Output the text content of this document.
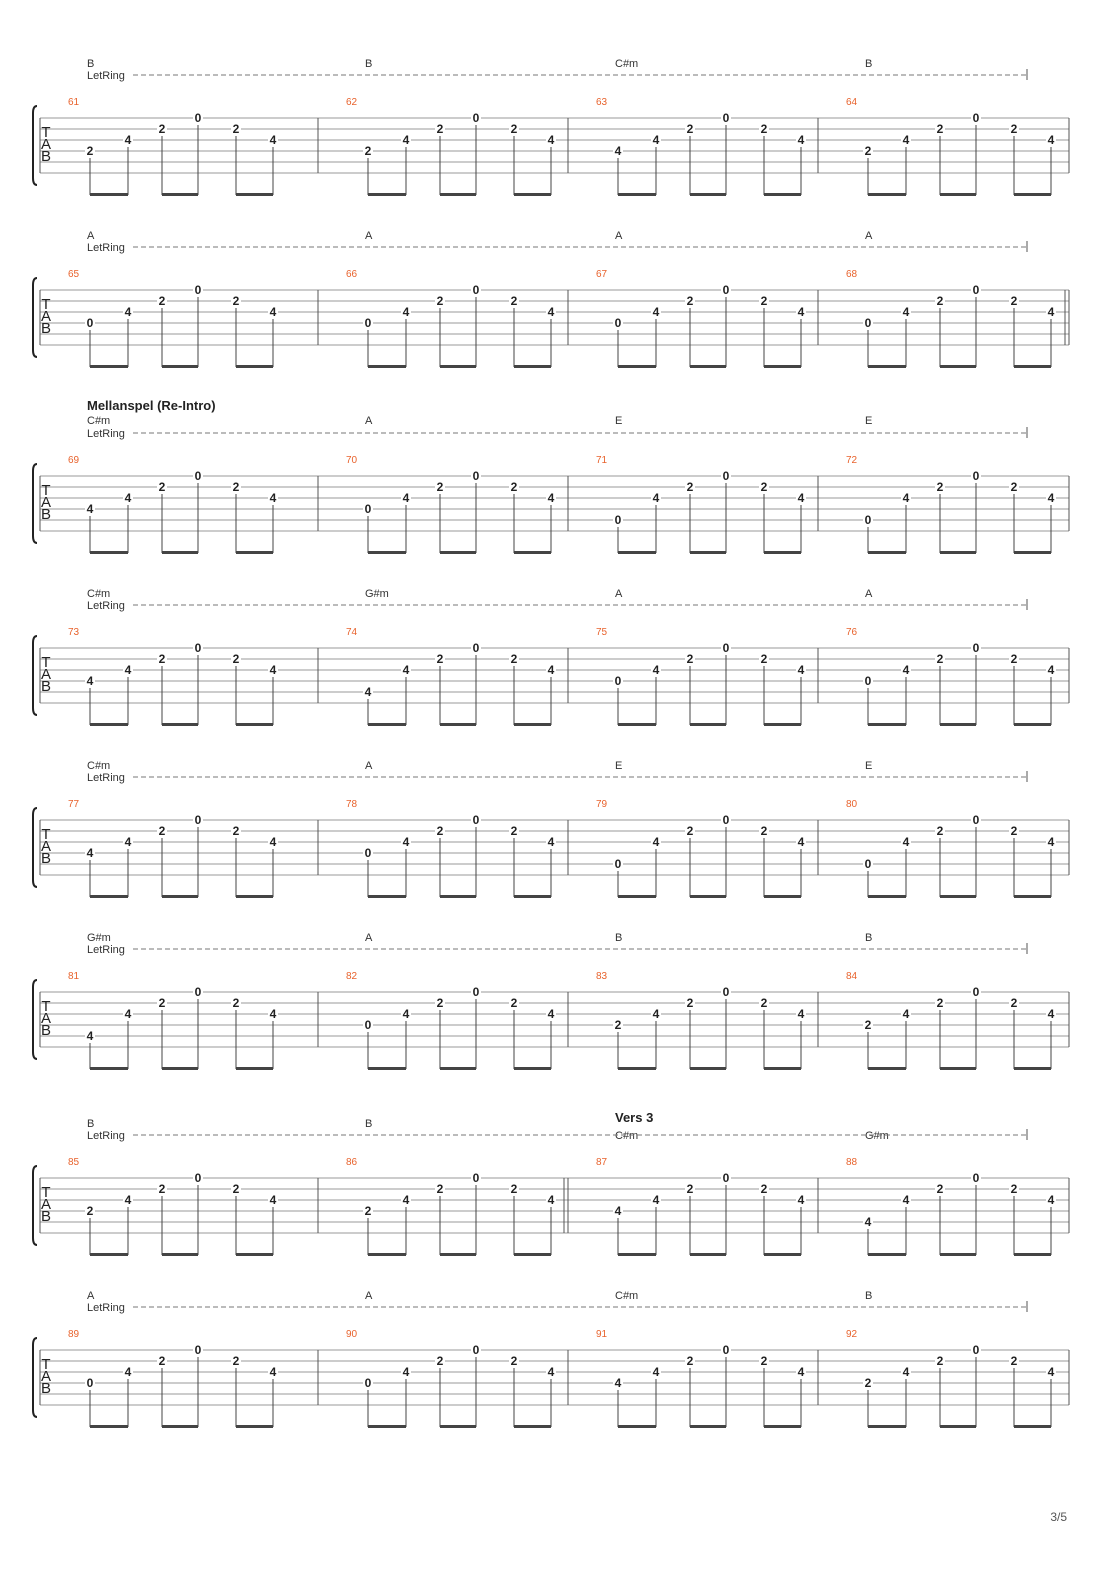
B	B	C#m	B
LetRing
T
A
B
61
2
4
2
0
2
4
62
2
4
2
0
2
4
63
4
4
2
0
2
4
64
2
4
2
0
2
4
A	A	A	A
LetRing
T
A
B
65
0
4
2
0
2
4
66
0
4
2
0
2
4
67
0
4
2
0
2
4
68
0
4
2
0
2
4
Mellanspel (Re-Intro)
C#m	A	E	E
LetRing
T
A
B
69
4
4
2
0
2
4
70
0
4
2
0
2
4
71
0
4
2
0
2
4
72
0
4
2
0
2
4
C#m	G#m	A	A
LetRing
T
A
B
73
4
4
2
0
2
4
74
4
4
2
0
2
4
75
0
4
2
0
2
4
76
0
4
2
0
2
4
C#m	A	E	E
LetRing
T
A
B
77
4
4
2
0
2
4
78
0
4
2
0
2
4
79
0
4
2
0
2
4
80
0
4
2
0
2
4
G#m	A	B	B
LetRing
T
A
B
81
4
4
2
0
2
4
82
0
4
2
0
2
4
83
2
4
2
0
2
4
84
2
4
2
0
2
4
Vers 3
B	B
C#m	G#m
LetRing
T
A
B
85
2
4
2
0
2
4
86
2
4
2
0
2
4
87
4
4
2
0
2
4
88
4
4
2
0
2
4
A	A	C#m	B
LetRing
T
A
B
89
0
4
2
0
2
4
90
0
4
2
0
2
4
91
4
4
2
0
2
4
92
2
4
2
0
2
4
3/5
